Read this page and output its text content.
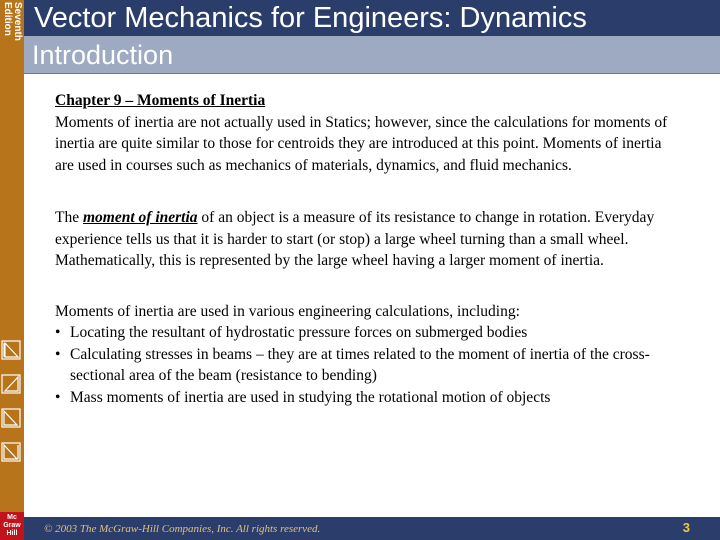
Seventh Edition
Mc Graw Hill
Vector Mechanics for Engineers: Dynamics
Introduction

Chapter 9 – Moments of Inertia
Moments of inertia are not actually used in Statics; however, since the calculations for moments of inertia are quite similar to those for centroids they are introduced at this point. Moments of inertia are used in courses such as mechanics of materials, dynamics, and fluid mechanics.

The moment of inertia of an object is a measure of its resistance to change in rotation. Everyday experience tells us that it is harder to start (or stop) a large wheel turning than a small wheel. Mathematically, this is represented by the large wheel having a larger moment of inertia.

Moments of inertia are used in various engineering calculations, including:

• Locating the resultant of hydrostatic pressure forces on submerged bodies
• Calculating stresses in beams – they are at times related to the moment of inertia of the cross-sectional area of the beam (resistance to bending)
• Mass moments of inertia are used in studying the rotational motion of objects
© 2003 The McGraw-Hill Companies, Inc. All rights reserved.	3
